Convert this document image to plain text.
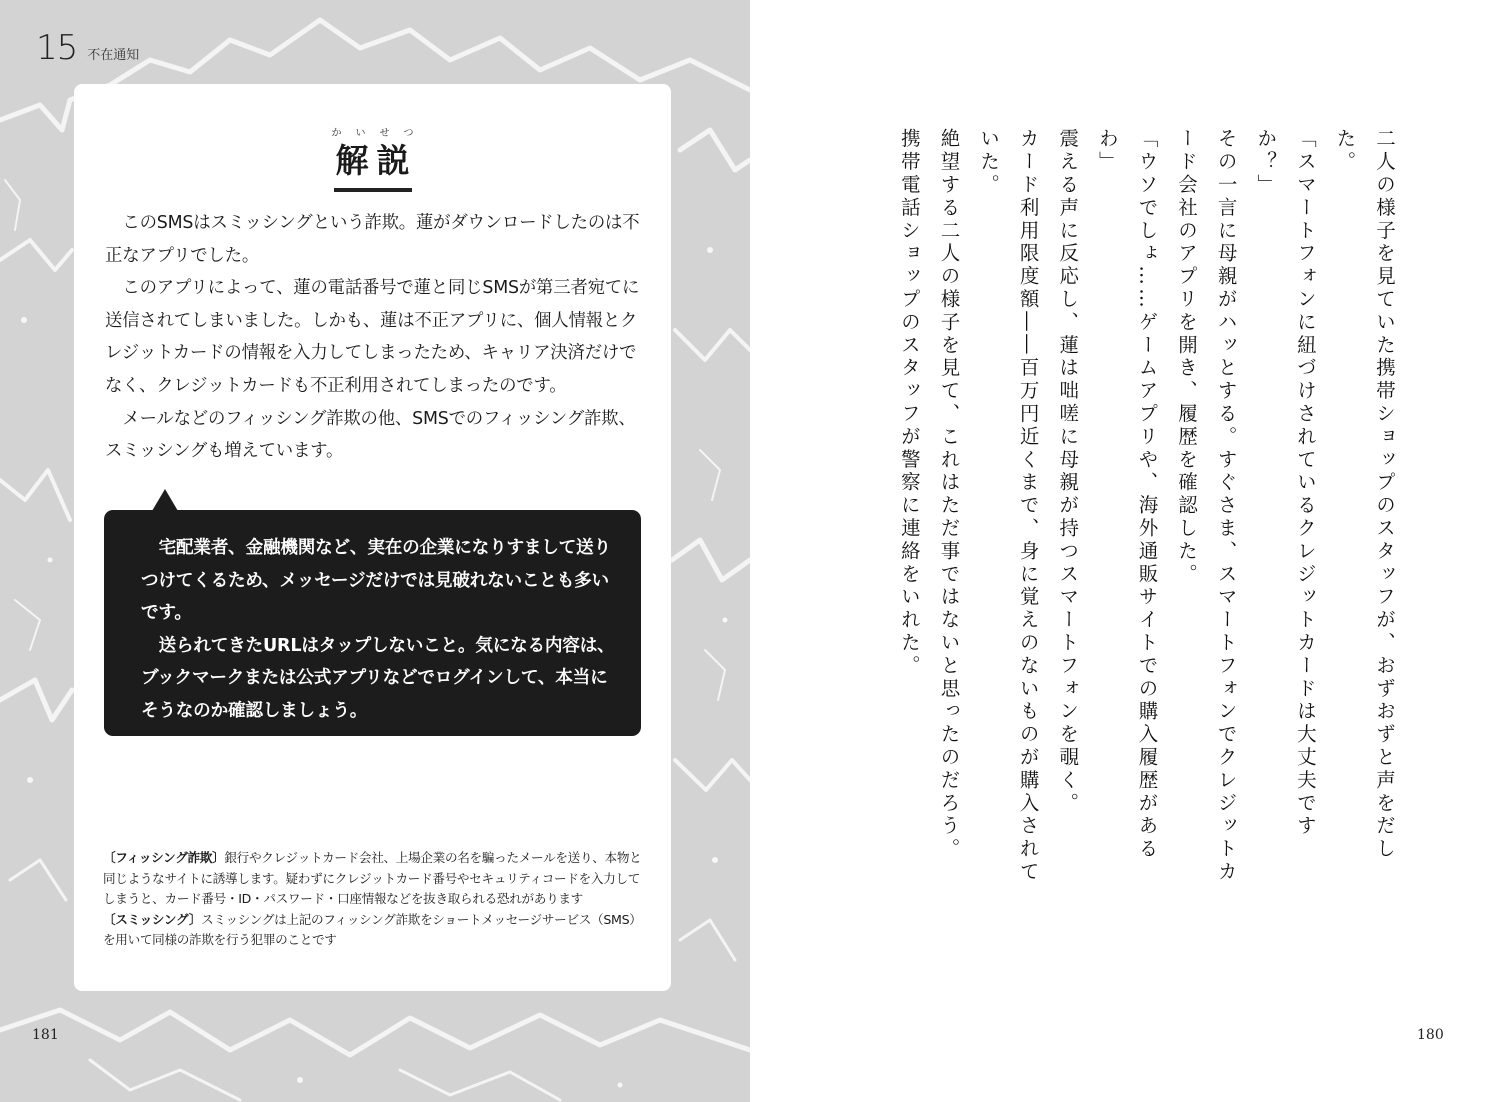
15 不在通知
かいせつ
解説

このSMSはスミッシングという詐欺。蓮がダウンロードしたのは不正なアプリでした。

このアプリによって、蓮の電話番号で蓮と同じSMSが第三者宛てに送信されてしまいました。しかも、蓮は不正アプリに、個人情報とクレジットカードの情報を入力してしまったため、キャリア決済だけでなく、クレジットカードも不正利用されてしまったのです。

メールなどのフィッシング詐欺の他、SMSでのフィッシング詐欺、スミッシングも増えています。

宅配業者、金融機関など、実在の企業になりすまして送りつけてくるため、メッセージだけでは見破れないことも多いです。

送られてきたURLはタップしないこと。気になる内容は、ブックマークまたは公式アプリなどでログインして、本当にそうなのか確認しましょう。

〔フィッシング詐欺〕銀行やクレジットカード会社、上場企業の名を騙ったメールを送り、本物と同じようなサイトに誘導します。疑わずにクレジットカード番号やセキュリティコードを入力してしまうと、カード番号・ID・パスワード・口座情報などを抜き取られる恐れがあります

〔スミッシング〕スミッシングは上記のフィッシング詐欺をショートメッセージサービス（SMS）を用いて同様の詐欺を行う犯罪のことです

181

二人の様子を見ていた携帯ショップのスタッフが、おずおずと声をだした。

「スマートフォンに紐づけされているクレジットカードは大丈夫ですか？」

その一言に母親がハッとする。すぐさま、スマートフォンでクレジットカード会社のアプリを開き、履歴を確認した。

「ウソでしょ……ゲームアプリや、海外通販サイトでの購入履歴があるわ」

震える声に反応し、蓮は咄嗟に母親が持つスマートフォンを覗く。

カード利用限度額――百万円近くまで、身に覚えのないものが購入されていた。

絶望する二人の様子を見て、これはただ事ではないと思ったのだろう。

携帯電話ショップのスタッフが警察に連絡をいれた。

180
